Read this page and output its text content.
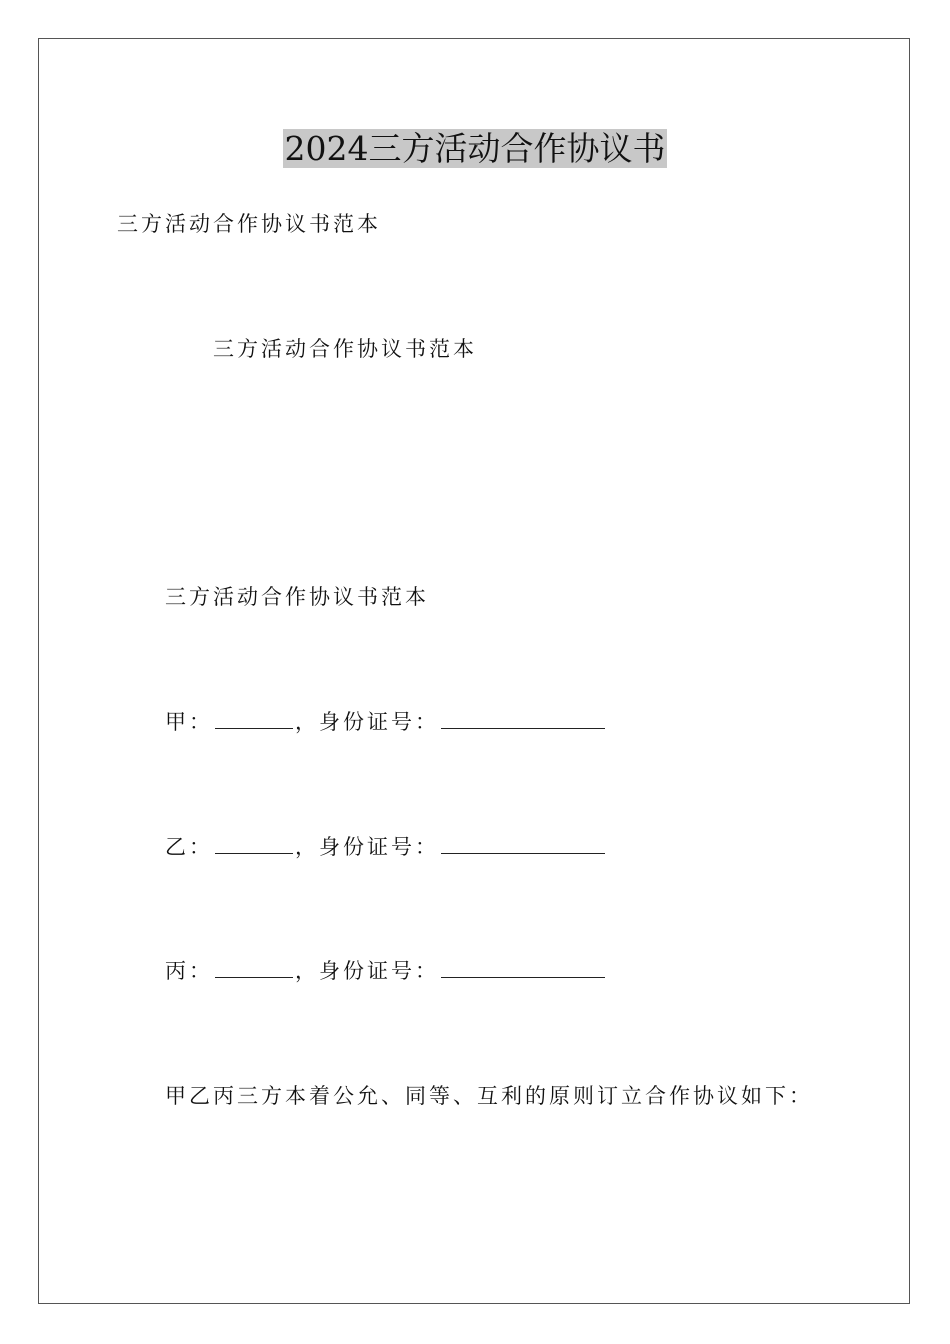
2024三方活动合作协议书

三方活动合作协议书范本

三方活动合作协议书范本

三方活动合作协议书范本

甲：	，身份证号：

乙：	，身份证号：

丙：	，身份证号：

甲乙丙三方本着公允、同等、互利的原则订立合作协议如下：
